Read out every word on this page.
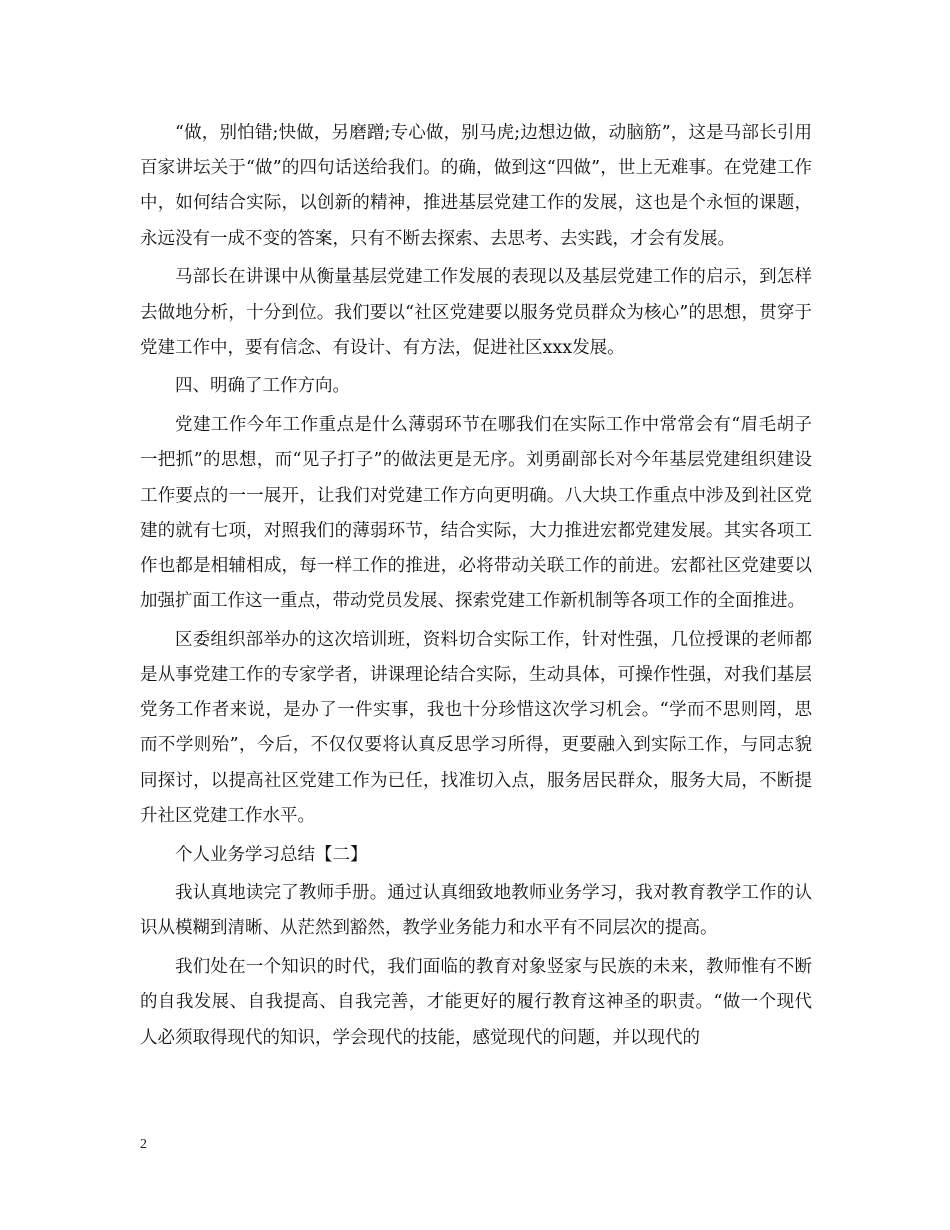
“做，别怕错;快做，另磨蹭;专心做，别马虎;边想边做，动脑筋”，这是马部长引用百家讲坛关于“做”的四句话送给我们。的确，做到这“四做”，世上无难事。在党建工作中，如何结合实际，以创新的精神，推进基层党建工作的发展，这也是个永恒的课题，永远没有一成不变的答案，只有不断去探索、去思考、去实践，才会有发展。

马部长在讲课中从衡量基层党建工作发展的表现以及基层党建工作的启示，到怎样去做地分析，十分到位。我们要以“社区党建要以服务党员群众为核心”的思想，贯穿于党建工作中，要有信念、有设计、有方法，促进社区xxx发展。

四、明确了工作方向。

党建工作今年工作重点是什么薄弱环节在哪我们在实际工作中常常会有“眉毛胡子一把抓”的思想，而“见子打子”的做法更是无序。刘勇副部长对今年基层党建组织建设工作要点的一一展开，让我们对党建工作方向更明确。八大块工作重点中涉及到社区党建的就有七项，对照我们的薄弱环节，结合实际，大力推进宏都党建发展。其实各项工作也都是相辅相成，每一样工作的推进，必将带动关联工作的前进。宏都社区党建要以加强扩面工作这一重点，带动党员发展、探索党建工作新机制等各项工作的全面推进。

区委组织部举办的这次培训班，资料切合实际工作，针对性强，几位授课的老师都是从事党建工作的专家学者，讲课理论结合实际，生动具体，可操作性强，对我们基层党务工作者来说，是办了一件实事，我也十分珍惜这次学习机会。“学而不思则罔，思而不学则殆”，今后，不仅仅要将认真反思学习所得，更要融入到实际工作，与同志貌同探讨，以提高社区党建工作为已任，找准切入点，服务居民群众，服务大局，不断提升社区党建工作水平。

个人业务学习总结【二】

我认真地读完了教师手册。通过认真细致地教师业务学习，我对教育教学工作的认识从模糊到清晰、从茫然到豁然，教学业务能力和水平有不同层次的提高。

我们处在一个知识的时代，我们面临的教育对象竖家与民族的未来，教师惟有不断的自我发展、自我提高、自我完善，才能更好的履行教育这神圣的职责。“做一个现代人必须取得现代的知识，学会现代的技能，感觉现代的问题，并以现代的

2
